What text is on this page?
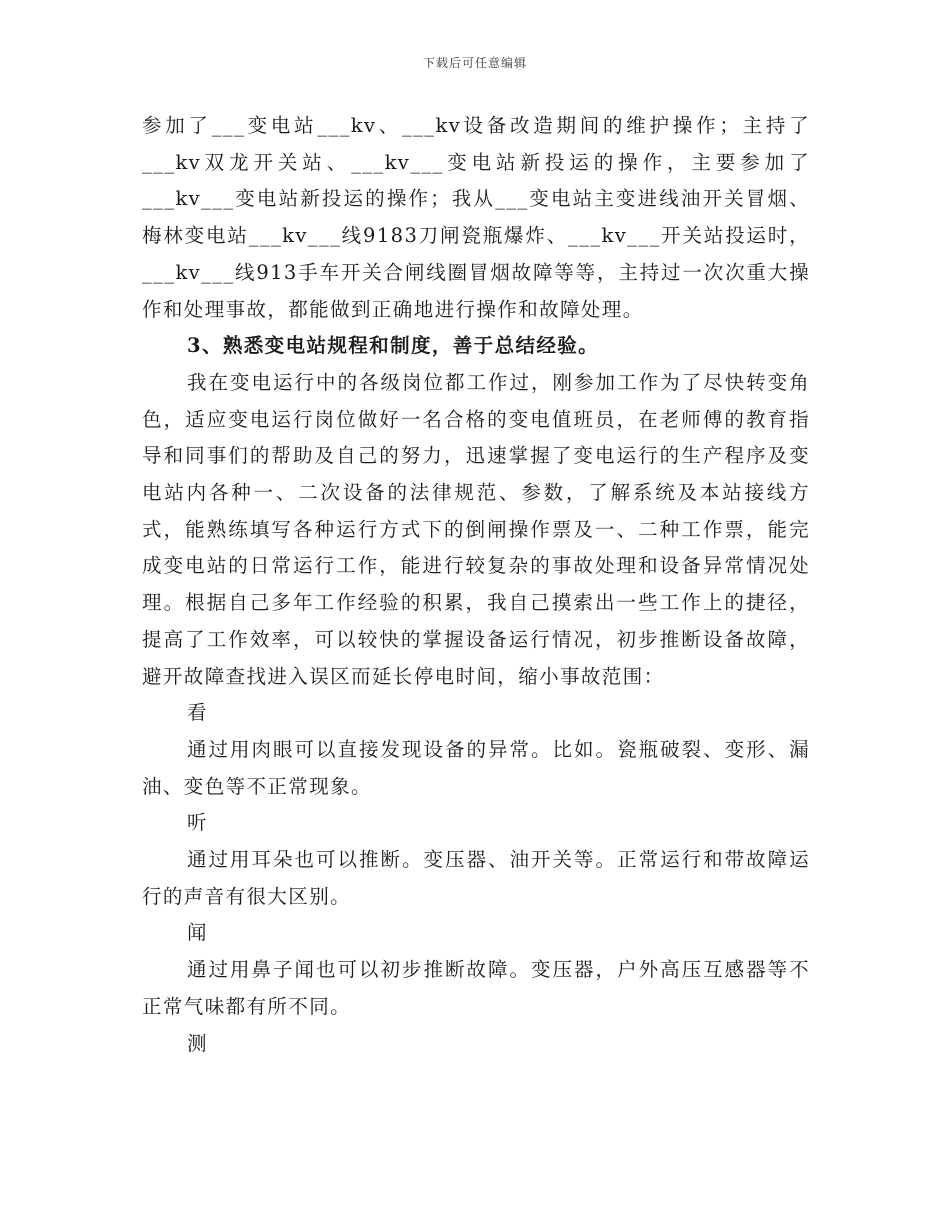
下载后可任意编辑

参加了___变电站___kv、___kv设备改造期间的维护操作；主持了___kv双龙开关站、___kv___变电站新投运的操作，主要参加了___kv___变电站新投运的操作；我从___变电站主变进线油开关冒烟、梅林变电站___kv___线9183刀闸瓷瓶爆炸、___kv___开关站投运时，___kv___线913手车开关合闸线圈冒烟故障等等，主持过一次次重大操作和处理事故，都能做到正确地进行操作和故障处理。

3、熟悉变电站规程和制度，善于总结经验。

我在变电运行中的各级岗位都工作过，刚参加工作为了尽快转变角色，适应变电运行岗位做好一名合格的变电值班员，在老师傅的教育指导和同事们的帮助及自己的努力，迅速掌握了变电运行的生产程序及变电站内各种一、二次设备的法律规范、参数，了解系统及本站接线方式，能熟练填写各种运行方式下的倒闸操作票及一、二种工作票，能完成变电站的日常运行工作，能进行较复杂的事故处理和设备异常情况处理。根据自己多年工作经验的积累，我自己摸索出一些工作上的捷径，提高了工作效率，可以较快的掌握设备运行情况，初步推断设备故障，避开故障查找进入误区而延长停电时间，缩小事故范围：

看

通过用肉眼可以直接发现设备的异常。比如。瓷瓶破裂、变形、漏油、变色等不正常现象。

听

通过用耳朵也可以推断。变压器、油开关等。正常运行和带故障运行的声音有很大区别。

闻

通过用鼻子闻也可以初步推断故障。变压器，户外高压互感器等不正常气味都有所不同。

测
